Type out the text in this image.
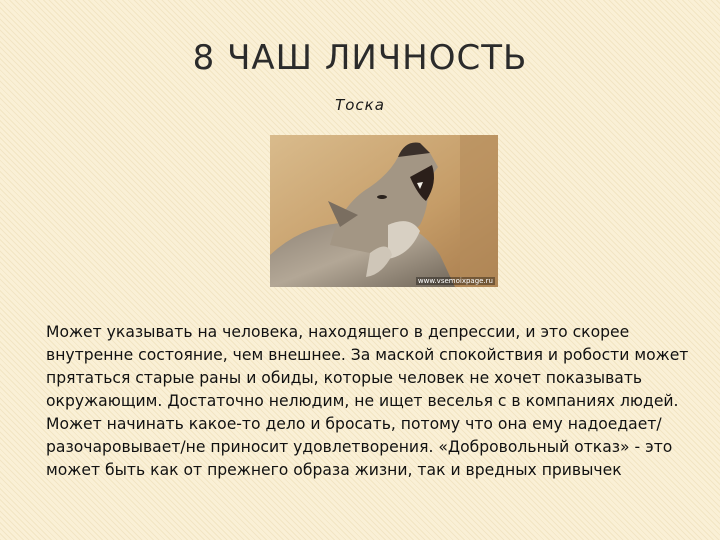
8 ЧАШ ЛИЧНОСТЬ
Тоска
www.vsemoixpage.ru
Может указывать на человека, находящего в депрессии, и это скорее внутренне состояние, чем внешнее. За маской спокойствия и робости может прятаться старые раны и обиды, которые человек не хочет показывать окружающим. Достаточно нелюдим, не ищет веселья с в компаниях людей. Может начинать какое-то дело и бросать, потому что она ему надоедает/разочаровывает/не приносит удовлетворения. «Добровольный отказ» - это может быть как от прежнего образа жизни, так и вредных привычек
